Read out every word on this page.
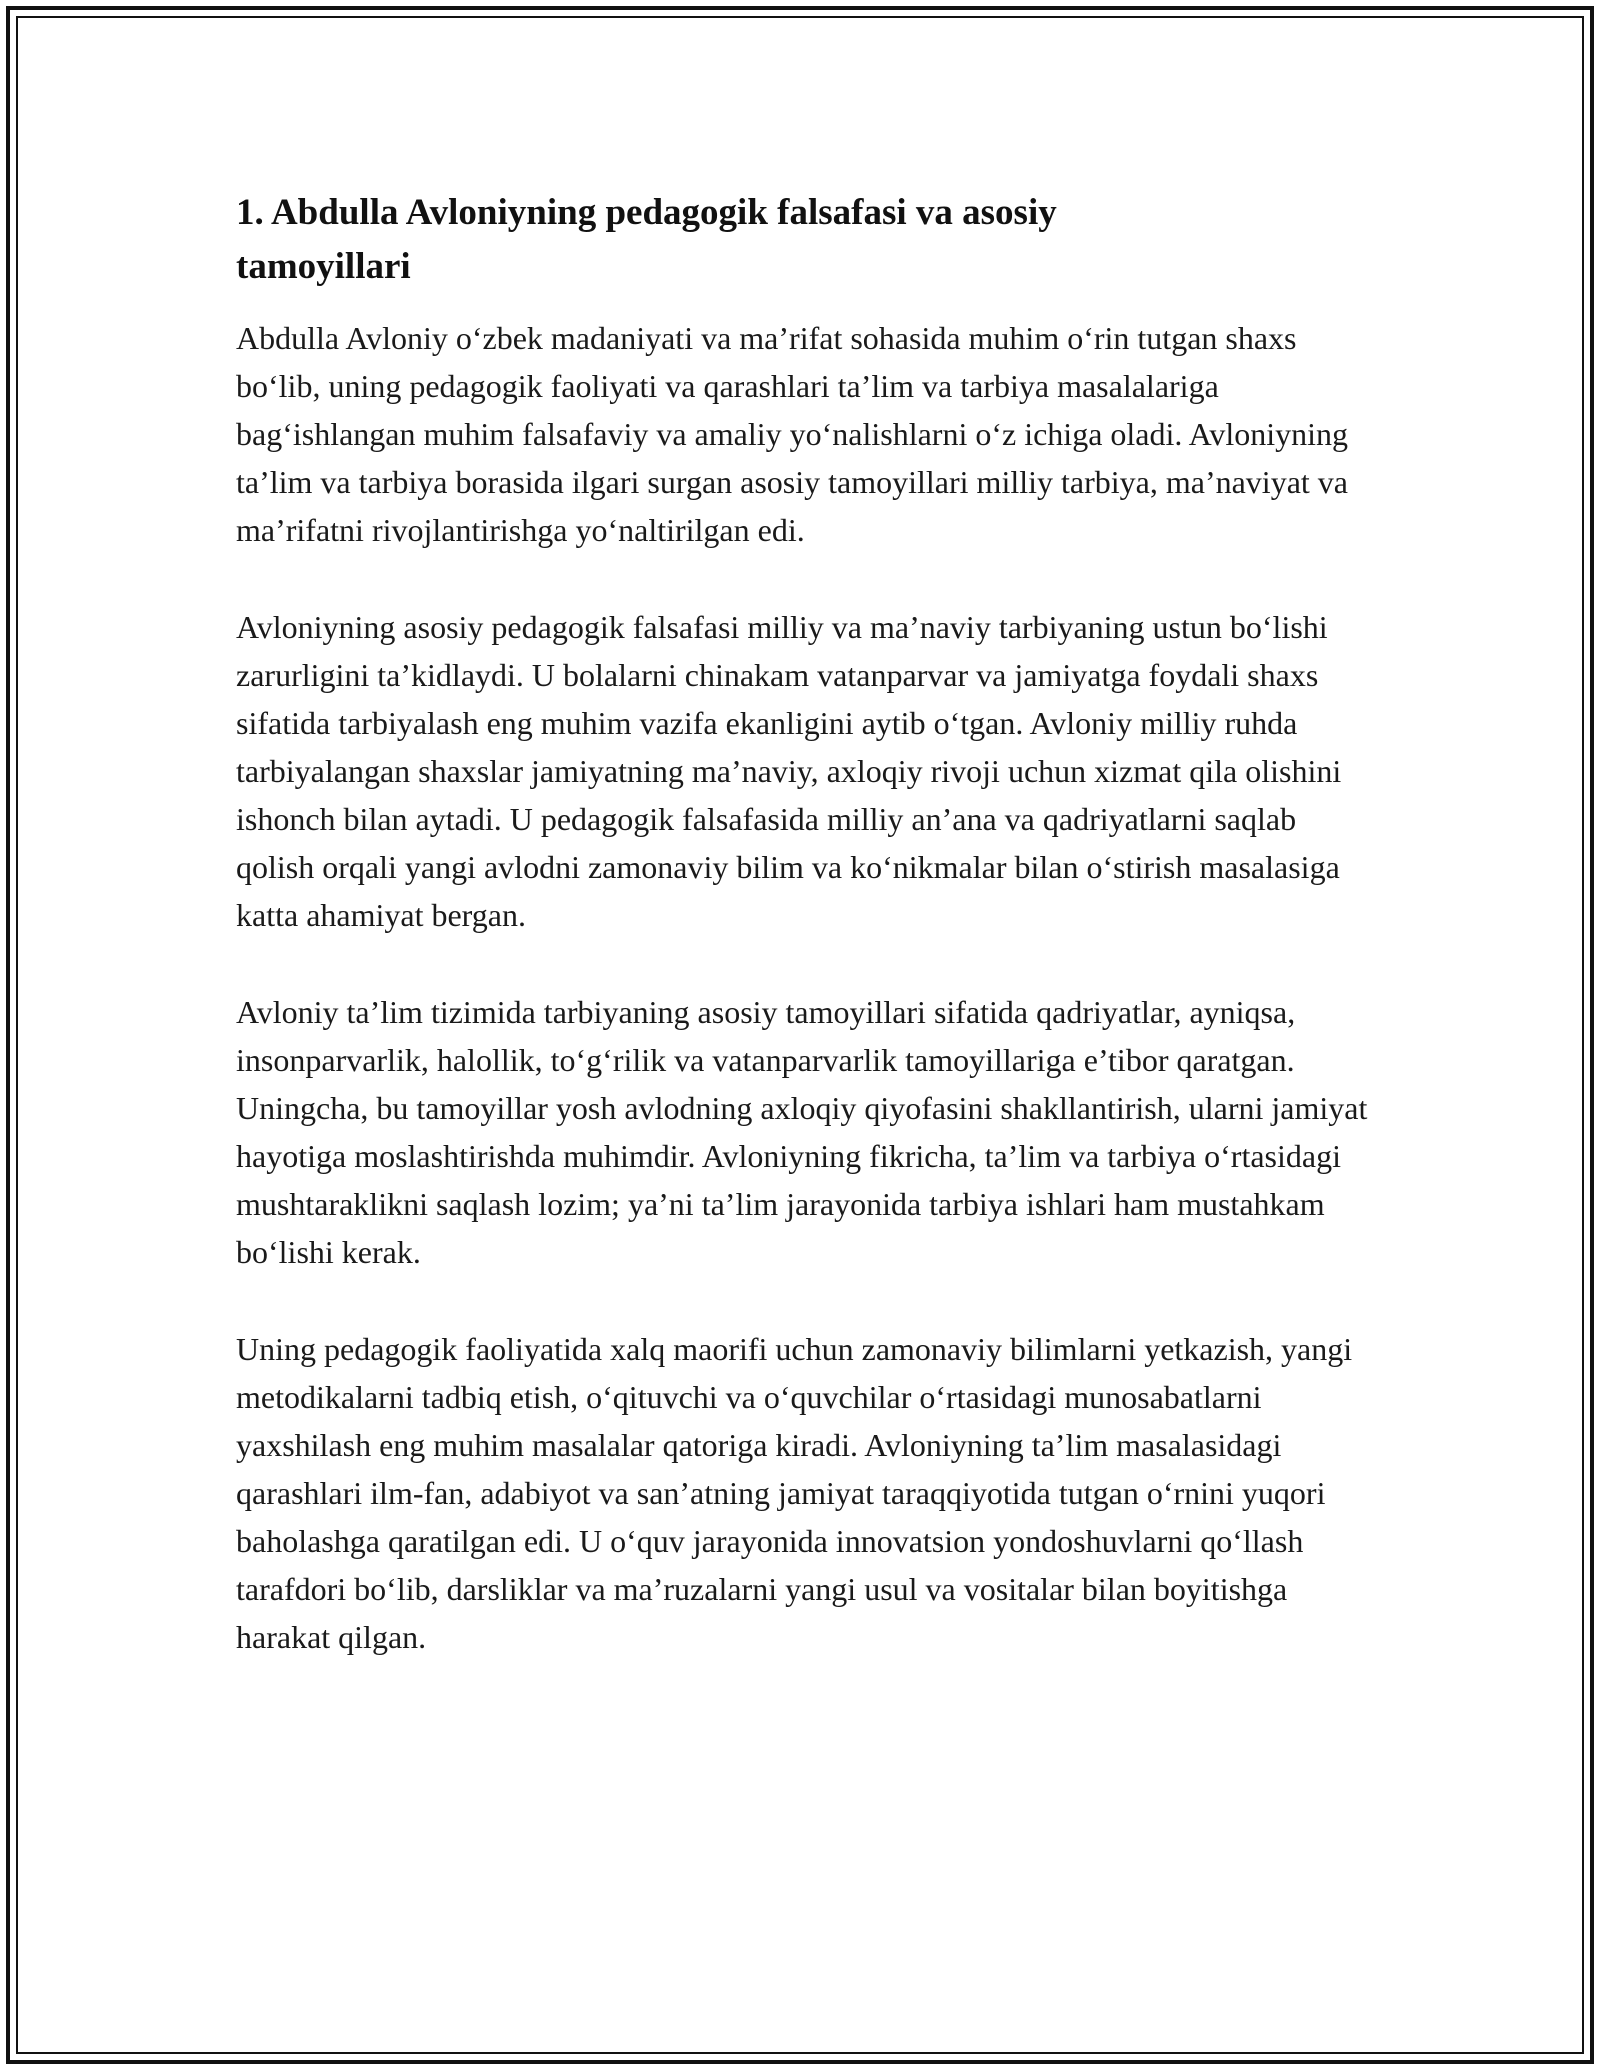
1. Abdulla Avloniyning pedagogik falsafasi va asosiy tamoyillari

Abdulla Avloniy o‘zbek madaniyati va ma’rifat sohasida muhim o‘rin tutgan shaxs bo‘lib, uning pedagogik faoliyati va qarashlari ta’lim va tarbiya masalalariga bag‘ishlangan muhim falsafaviy va amaliy yo‘nalishlarni o‘z ichiga oladi. Avloniyning ta’lim va tarbiya borasida ilgari surgan asosiy tamoyillari milliy tarbiya, ma’naviyat va ma’rifatni rivojlantirishga yo‘naltirilgan edi.

Avloniyning asosiy pedagogik falsafasi milliy va ma’naviy tarbiyaning ustun bo‘lishi zarurligini ta’kidlaydi. U bolalarni chinakam vatanparvar va jamiyatga foydali shaxs sifatida tarbiyalash eng muhim vazifa ekanligini aytib o‘tgan. Avloniy milliy ruhda tarbiyalangan shaxslar jamiyatning ma’naviy, axloqiy rivoji uchun xizmat qila olishini ishonch bilan aytadi. U pedagogik falsafasida milliy an’ana va qadriyatlarni saqlab qolish orqali yangi avlodni zamonaviy bilim va ko‘nikmalar bilan o‘stirish masalasiga katta ahamiyat bergan.

Avloniy ta’lim tizimida tarbiyaning asosiy tamoyillari sifatida qadriyatlar, ayniqsa, insonparvarlik, halollik, to‘g‘rilik va vatanparvarlik tamoyillariga e’tibor qaratgan. Uningcha, bu tamoyillar yosh avlodning axloqiy qiyofasini shakllantirish, ularni jamiyat hayotiga moslashtirishda muhimdir. Avloniyning fikricha, ta’lim va tarbiya o‘rtasidagi mushtaraklikni saqlash lozim; ya’ni ta’lim jarayonida tarbiya ishlari ham mustahkam bo‘lishi kerak.

Uning pedagogik faoliyatida xalq maorifi uchun zamonaviy bilimlarni yetkazish, yangi metodikalarni tadbiq etish, o‘qituvchi va o‘quvchilar o‘rtasidagi munosabatlarni yaxshilash eng muhim masalalar qatoriga kiradi. Avloniyning ta’lim masalasidagi qarashlari ilm-fan, adabiyot va san’atning jamiyat taraqqiyotida tutgan o‘rnini yuqori baholashga qaratilgan edi. U o‘quv jarayonida innovatsion yondoshuvlarni qo‘llash tarafdori bo‘lib, darsliklar va ma’ruzalarni yangi usul va vositalar bilan boyitishga harakat qilgan.
